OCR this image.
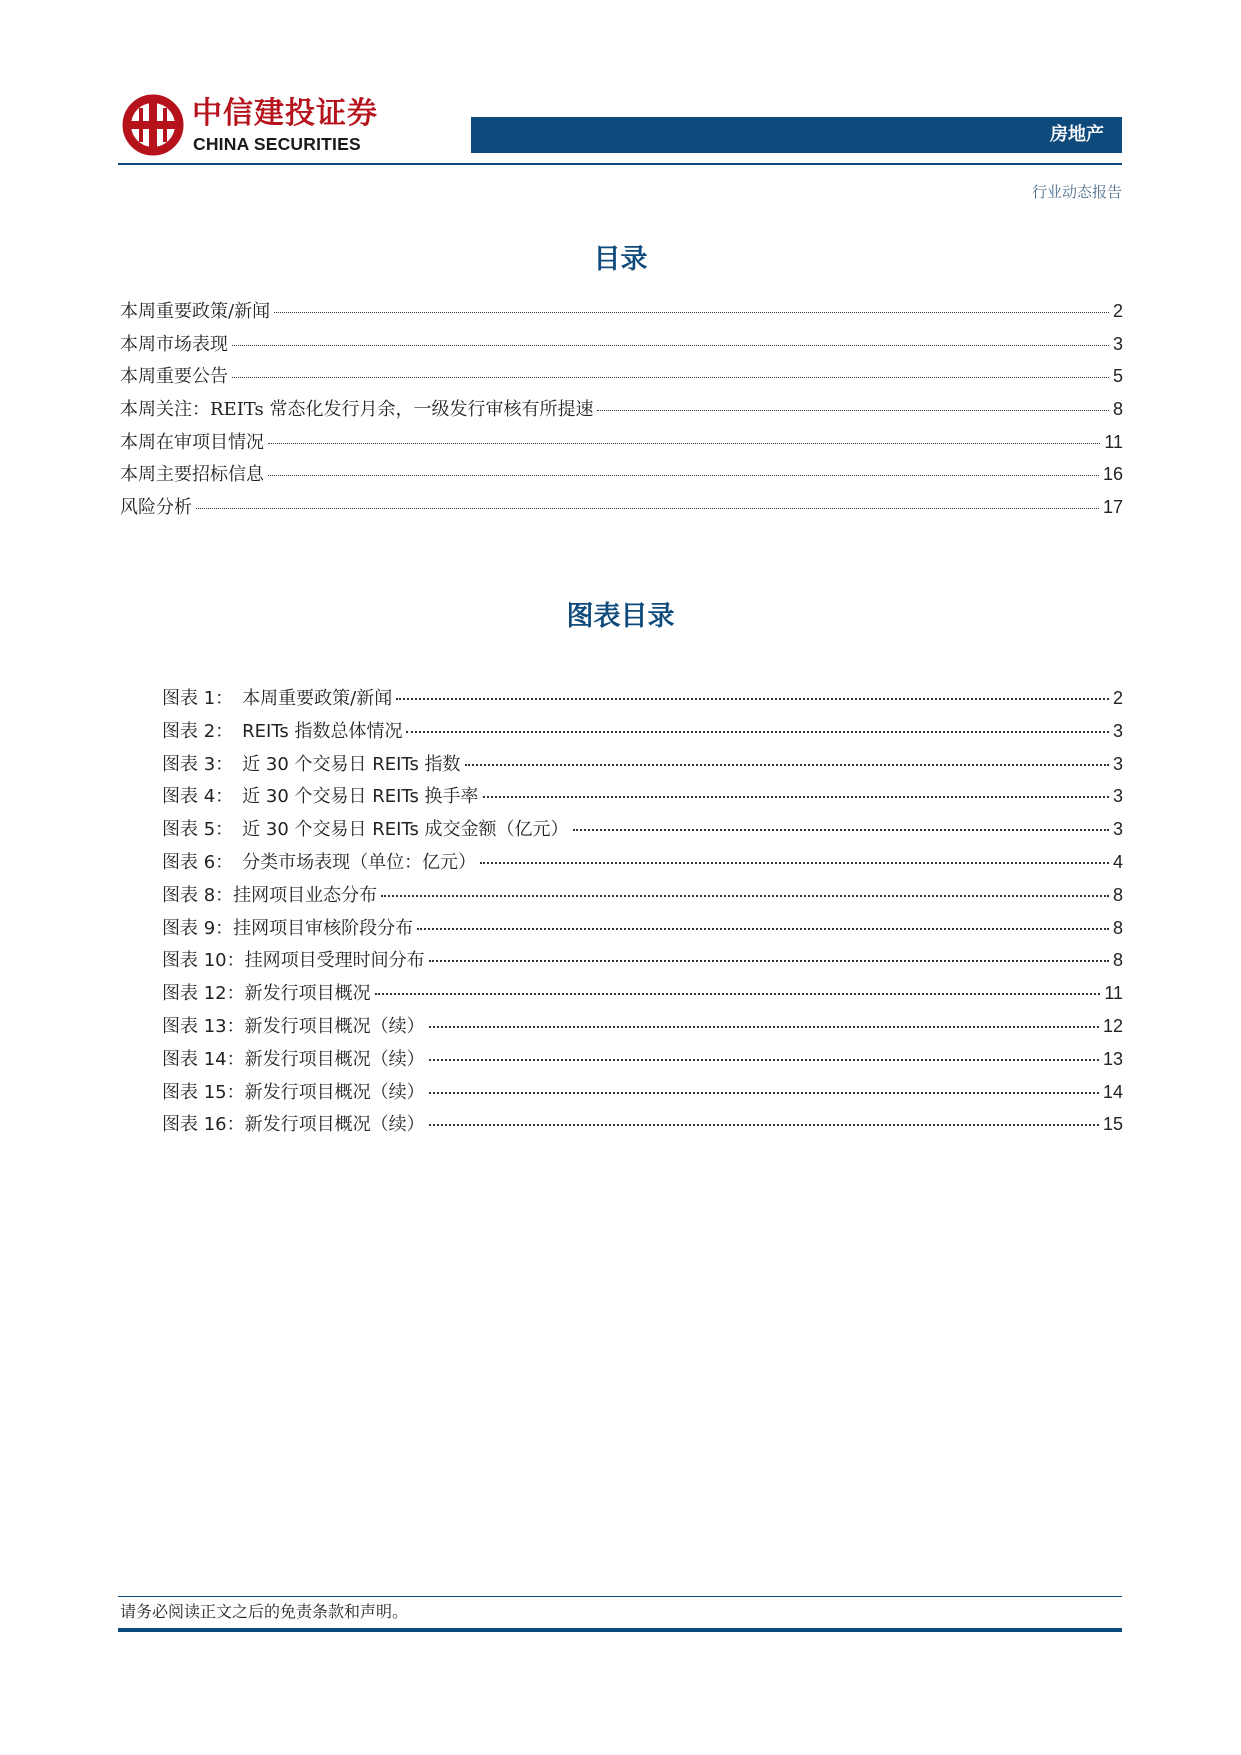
中信建投证券
CHINA SECURITIES	房地产
行业动态报告
目录
本周重要政策/新闻	2
本周市场表现	3
本周重要公告	5
本周关注：REITs 常态化发行月余，一级发行审核有所提速	8
本周在审项目情况	11
本周主要招标信息	16
风险分析	17
图表目录
图表 1：　本周重要政策/新闻	2
图表 2：　REITs 指数总体情况	3
图表 3：　近 30 个交易日 REITs 指数	3
图表 4：　近 30 个交易日 REITs 换手率	3
图表 5：　近 30 个交易日 REITs 成交金额（亿元）	3
图表 6：　分类市场表现（单位：亿元）	4
图表 8：挂网项目业态分布	8
图表 9：挂网项目审核阶段分布	8
图表 10：挂网项目受理时间分布	8
图表 12：新发行项目概况	11
图表 13：新发行项目概况（续）	12
图表 14：新发行项目概况（续）	13
图表 15：新发行项目概况（续）	14
图表 16：新发行项目概况（续）	15
请务必阅读正文之后的免责条款和声明。
